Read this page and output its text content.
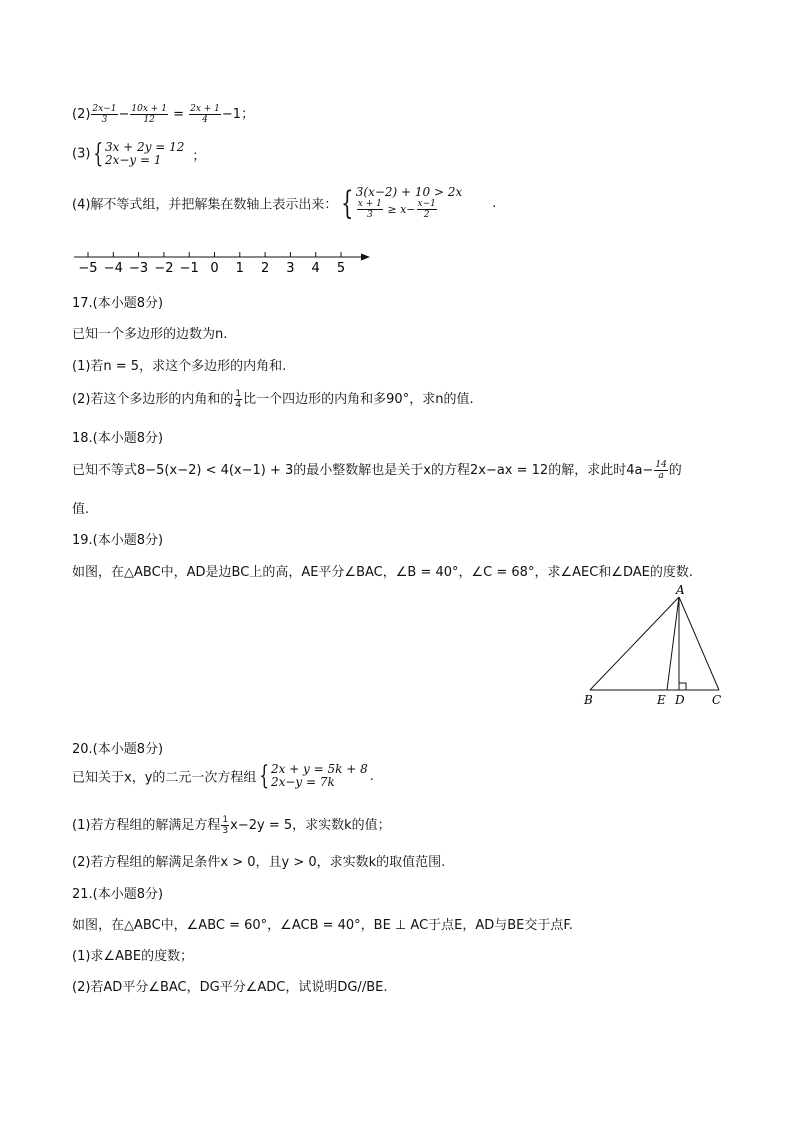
$(2) \frac{2x-1}{3} - \frac{10x + 1}{12} = \frac{2x + 1}{4} -1$；
(3) { 3x + 2y = 12
2x−y = 1	；
(4)解不等式组，并把解集在数轴上表示出来： { 3(x−2) + 10 > 2x
$\frac{x + 1}{3} \ge x- \frac{x-1}{2}$	.
−5 −4 −3 −2 −1 0 1 2 3 4 5
17.(本小题8分)
已知一个多边形的边数为n.
(1)若n = 5，求这个多边形的内角和.
(2)若这个多边形的内角和的 $\frac{1}{4}$ 比一个四边形的内角和多90°，求n的值.
18.(本小题8分)
已知不等式8−5(x−2) < 4(x−1) + 3的最小整数解也是关于x的方程2x−ax = 12的解，求此时$4a- \frac{14}{a}$ 的
值.
19.(本小题8分)
如图，在△ABC中，AD是边BC上的高，AE平分∠BAC，∠B = 40°，∠C = 68°，求∠AEC和∠DAE的度数.
A
B	E D C
20.(本小题8分)
已知关于x，y的二元一次方程组 { 2x + y = 5k + 8
2x−y = 7k	.
(1)若方程组的解满足方程 $\frac{1}{3} x-2y = 5$，求实数k的值；
(2)若方程组的解满足条件x > 0，且y > 0，求实数k的取值范围.
21.(本小题8分)
如图，在△ABC中，∠ABC = 60°，∠ACB = 40°，BE ⊥ AC于点E，AD与BE交于点F.
(1)求∠ABE的度数；
(2)若AD平分∠BAC，DG平分∠ADC，试说明DG//BE.
